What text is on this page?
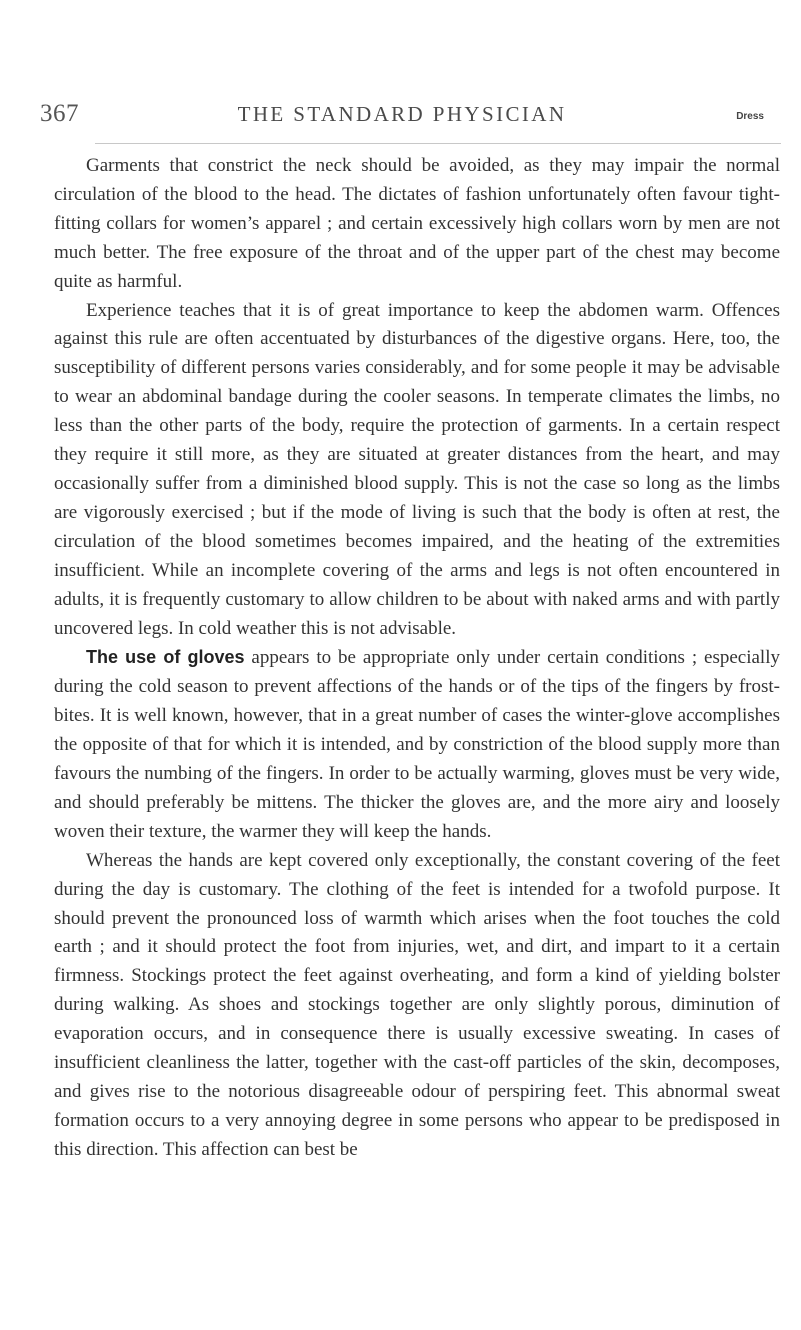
367	THE STANDARD PHYSICIAN	Dress

Garments that constrict the neck should be avoided, as they may impair the normal circulation of the blood to the head. The dictates of fashion unfortunately often favour tight-fitting collars for women’s apparel ; and certain excessively high collars worn by men are not much better. The free exposure of the throat and of the upper part of the chest may become quite as harmful.

Experience teaches that it is of great importance to keep the abdomen warm. Offences against this rule are often accentuated by disturbances of the digestive organs. Here, too, the susceptibility of different persons varies considerably, and for some people it may be advisable to wear an abdominal bandage during the cooler seasons. In temperate climates the limbs, no less than the other parts of the body, require the protection of garments. In a certain respect they require it still more, as they are situated at greater distances from the heart, and may occasionally suffer from a diminished blood supply. This is not the case so long as the limbs are vigorously exercised ; but if the mode of living is such that the body is often at rest, the circulation of the blood sometimes becomes impaired, and the heating of the extremities insufficient. While an incomplete covering of the arms and legs is not often encountered in adults, it is frequently customary to allow children to be about with naked arms and with partly uncovered legs. In cold weather this is not advisable.

The use of gloves appears to be appropriate only under certain conditions ; especially during the cold season to prevent affections of the hands or of the tips of the fingers by frost-bites. It is well known, however, that in a great number of cases the winter-glove accomplishes the opposite of that for which it is intended, and by constriction of the blood supply more than favours the numbing of the fingers. In order to be actually warming, gloves must be very wide, and should preferably be mittens. The thicker the gloves are, and the more airy and loosely woven their texture, the warmer they will keep the hands.

Whereas the hands are kept covered only exceptionally, the constant covering of the feet during the day is customary. The clothing of the feet is intended for a twofold purpose. It should prevent the pronounced loss of warmth which arises when the foot touches the cold earth ; and it should protect the foot from injuries, wet, and dirt, and impart to it a certain firmness. Stockings protect the feet against overheating, and form a kind of yielding bolster during walking. As shoes and stockings together are only slightly porous, diminution of evaporation occurs, and in consequence there is usually excessive sweating. In cases of insufficient cleanliness the latter, together with the cast-off particles of the skin, decomposes, and gives rise to the notorious disagreeable odour of perspiring feet. This abnormal sweat formation occurs to a very annoying degree in some persons who appear to be predisposed in this direction. This affection can best be
